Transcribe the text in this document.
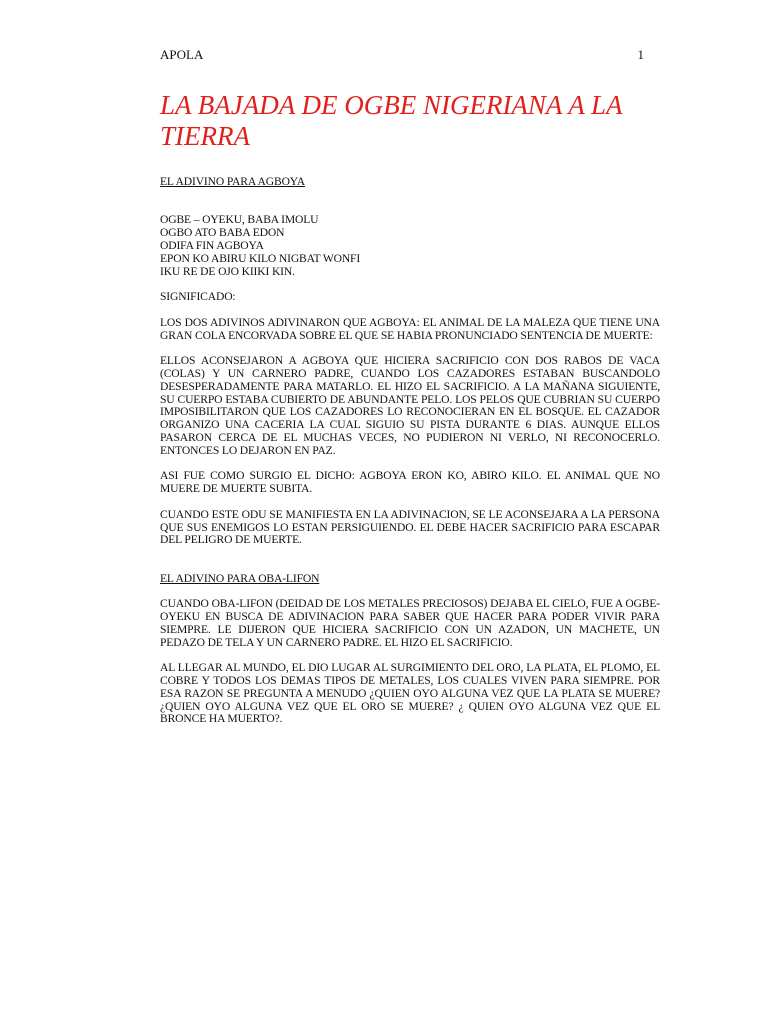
APOLA	1
LA BAJADA DE OGBE NIGERIANA A LA TIERRA

EL ADIVINO PARA AGBOYA

OGBE – OYEKU, BABA IMOLU
OGBO ATO BABA EDON
ODIFA FIN AGBOYA
EPON KO ABIRU KILO NIGBAT WONFI
IKU RE DE OJO KIIKI KIN.

SIGNIFICADO:

LOS DOS ADIVINOS ADIVINARON QUE AGBOYA: EL ANIMAL DE LA MALEZA QUE TIENE UNA GRAN COLA ENCORVADA SOBRE EL QUE SE HABIA PRONUNCIADO SENTENCIA DE MUERTE:

ELLOS ACONSEJARON A AGBOYA QUE HICIERA SACRIFICIO CON DOS RABOS DE VACA (COLAS) Y UN CARNERO PADRE, CUANDO LOS CAZADORES ESTABAN BUSCANDOLO DESESPERADAMENTE PARA MATARLO. EL HIZO EL SACRIFICIO. A LA MAÑANA SIGUIENTE, SU CUERPO ESTABA CUBIERTO DE ABUNDANTE PELO. LOS PELOS QUE CUBRIAN SU CUERPO IMPOSIBILITARON QUE LOS CAZADORES LO RECONOCIERAN EN EL BOSQUE. EL CAZADOR ORGANIZO UNA CACERIA LA CUAL SIGUIO SU PISTA DURANTE 6 DIAS. AUNQUE ELLOS PASARON CERCA DE EL MUCHAS VECES, NO PUDIERON NI VERLO, NI RECONOCERLO. ENTONCES LO DEJARON EN PAZ.

ASI FUE COMO SURGIO EL DICHO: AGBOYA ERON KO, ABIRO KILO. EL ANIMAL QUE NO MUERE DE MUERTE SUBITA.

CUANDO ESTE ODU SE MANIFIESTA EN LA ADIVINACION, SE LE ACONSEJARA A LA PERSONA QUE SUS ENEMIGOS LO ESTAN PERSIGUIENDO. EL DEBE HACER SACRIFICIO PARA ESCAPAR DEL PELIGRO DE MUERTE.

EL ADIVINO PARA OBA-LIFON

CUANDO OBA-LIFON (DEIDAD DE LOS METALES PRECIOSOS) DEJABA EL CIELO, FUE A OGBE-OYEKU EN BUSCA DE ADIVINACION PARA SABER QUE HACER PARA PODER VIVIR PARA SIEMPRE. LE DIJERON QUE HICIERA SACRIFICIO CON UN AZADON, UN MACHETE, UN PEDAZO DE TELA Y UN CARNERO PADRE. EL HIZO EL SACRIFICIO.

AL LLEGAR AL MUNDO, EL DIO LUGAR AL SURGIMIENTO DEL ORO, LA PLATA, EL PLOMO, EL COBRE Y TODOS LOS DEMAS TIPOS DE METALES, LOS CUALES VIVEN PARA SIEMPRE. POR ESA RAZON SE PREGUNTA A MENUDO ¿QUIEN OYO ALGUNA VEZ QUE LA PLATA SE MUERE? ¿QUIEN OYO ALGUNA VEZ QUE EL ORO SE MUERE? ¿ QUIEN OYO ALGUNA VEZ QUE EL BRONCE HA MUERTO?.
